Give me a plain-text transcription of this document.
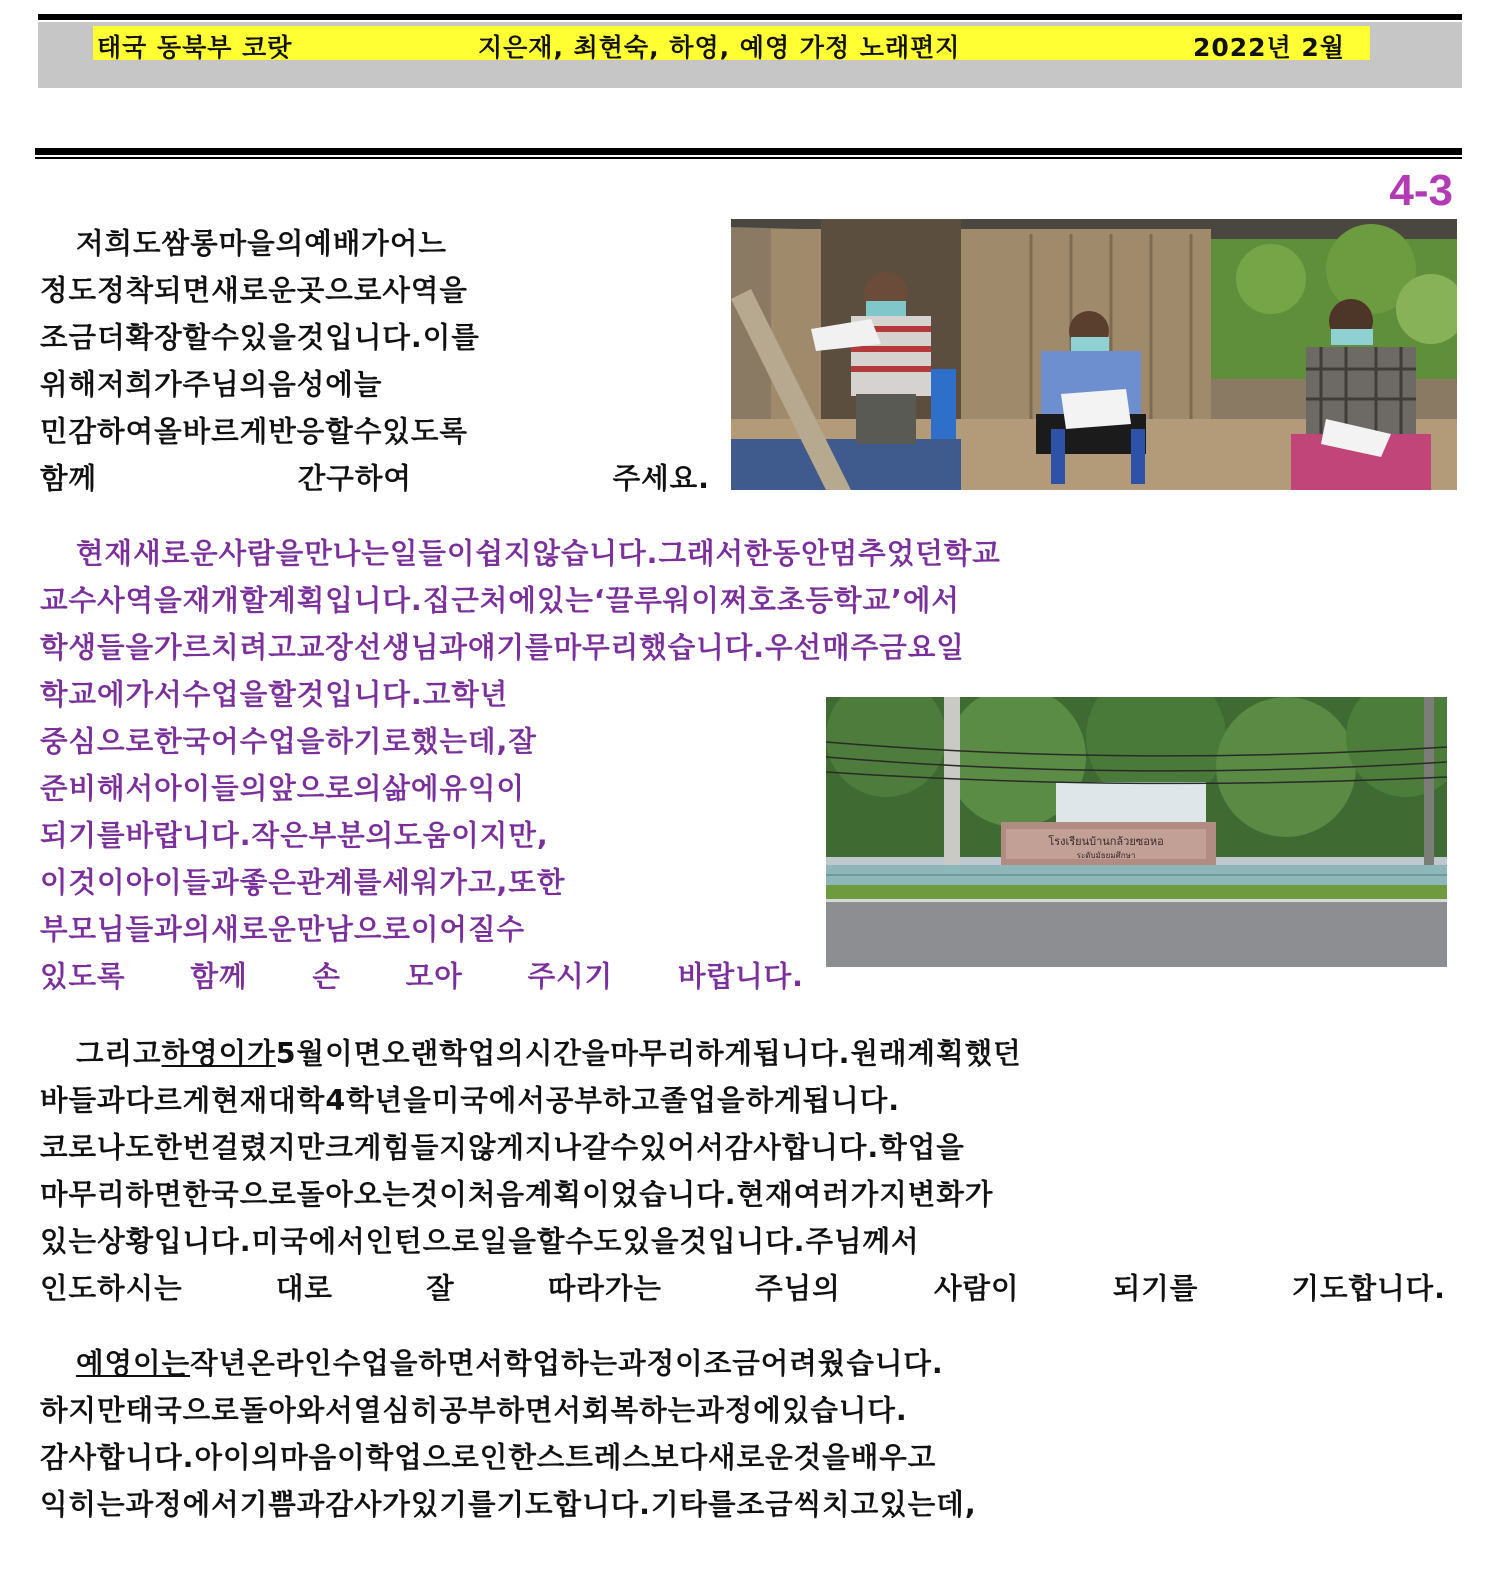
태국 동북부 코랏	지은재, 최현숙, 하영, 예영 가정 노래편지	2022년 2월
4-3
저희도쌈롱마을의예배가어느
정도정착되면새로운곳으로사역을
조금더확장할수있을것입니다.이를
위해저희가주님의음성에늘
민감하여올바르게반응할수있도록
함께 간구하여 주세요.
현재새로운사람을만나는일들이쉽지않습니다.그래서한동안멈추었던학교
교수사역을재개할계획입니다.집근처에있는‘끌루워이쩌호초등학교’에서
학생들을가르치려고교장선생님과얘기를마무리했습니다.우선매주금요일
학교에가서수업을할것입니다.고학년
중심으로한국어수업을하기로했는데,잘
준비해서아이들의앞으로의삶에유익이
되기를바랍니다.작은부분의도움이지만,
이것이아이들과좋은관계를세워가고,또한
부모님들과의새로운만남으로이어질수
있도록 함께 손 모아 주시기 바랍니다.
โรงเรียนบ้านกล้วยซอหอ
ระดับมัธยมศึกษา
그리고하영이가5월이면오랜학업의시간을마무리하게됩니다.원래계획했던
바들과다르게현재대학4학년을미국에서공부하고졸업을하게됩니다.
코로나도한번걸렸지만크게힘들지않게지나갈수있어서감사합니다.학업을
마무리하면한국으로돌아오는것이처음계획이었습니다.현재여러가지변화가
있는상황입니다.미국에서인턴으로일을할수도있을것입니다.주님께서
인도하시는 대로 잘 따라가는 주님의 사람이 되기를 기도합니다.
예영이는작년온라인수업을하면서학업하는과정이조금어려웠습니다.
하지만태국으로돌아와서열심히공부하면서회복하는과정에있습니다.
감사합니다.아이의마음이학업으로인한스트레스보다새로운것을배우고
익히는과정에서기쁨과감사가있기를기도합니다.기타를조금씩치고있는데,
